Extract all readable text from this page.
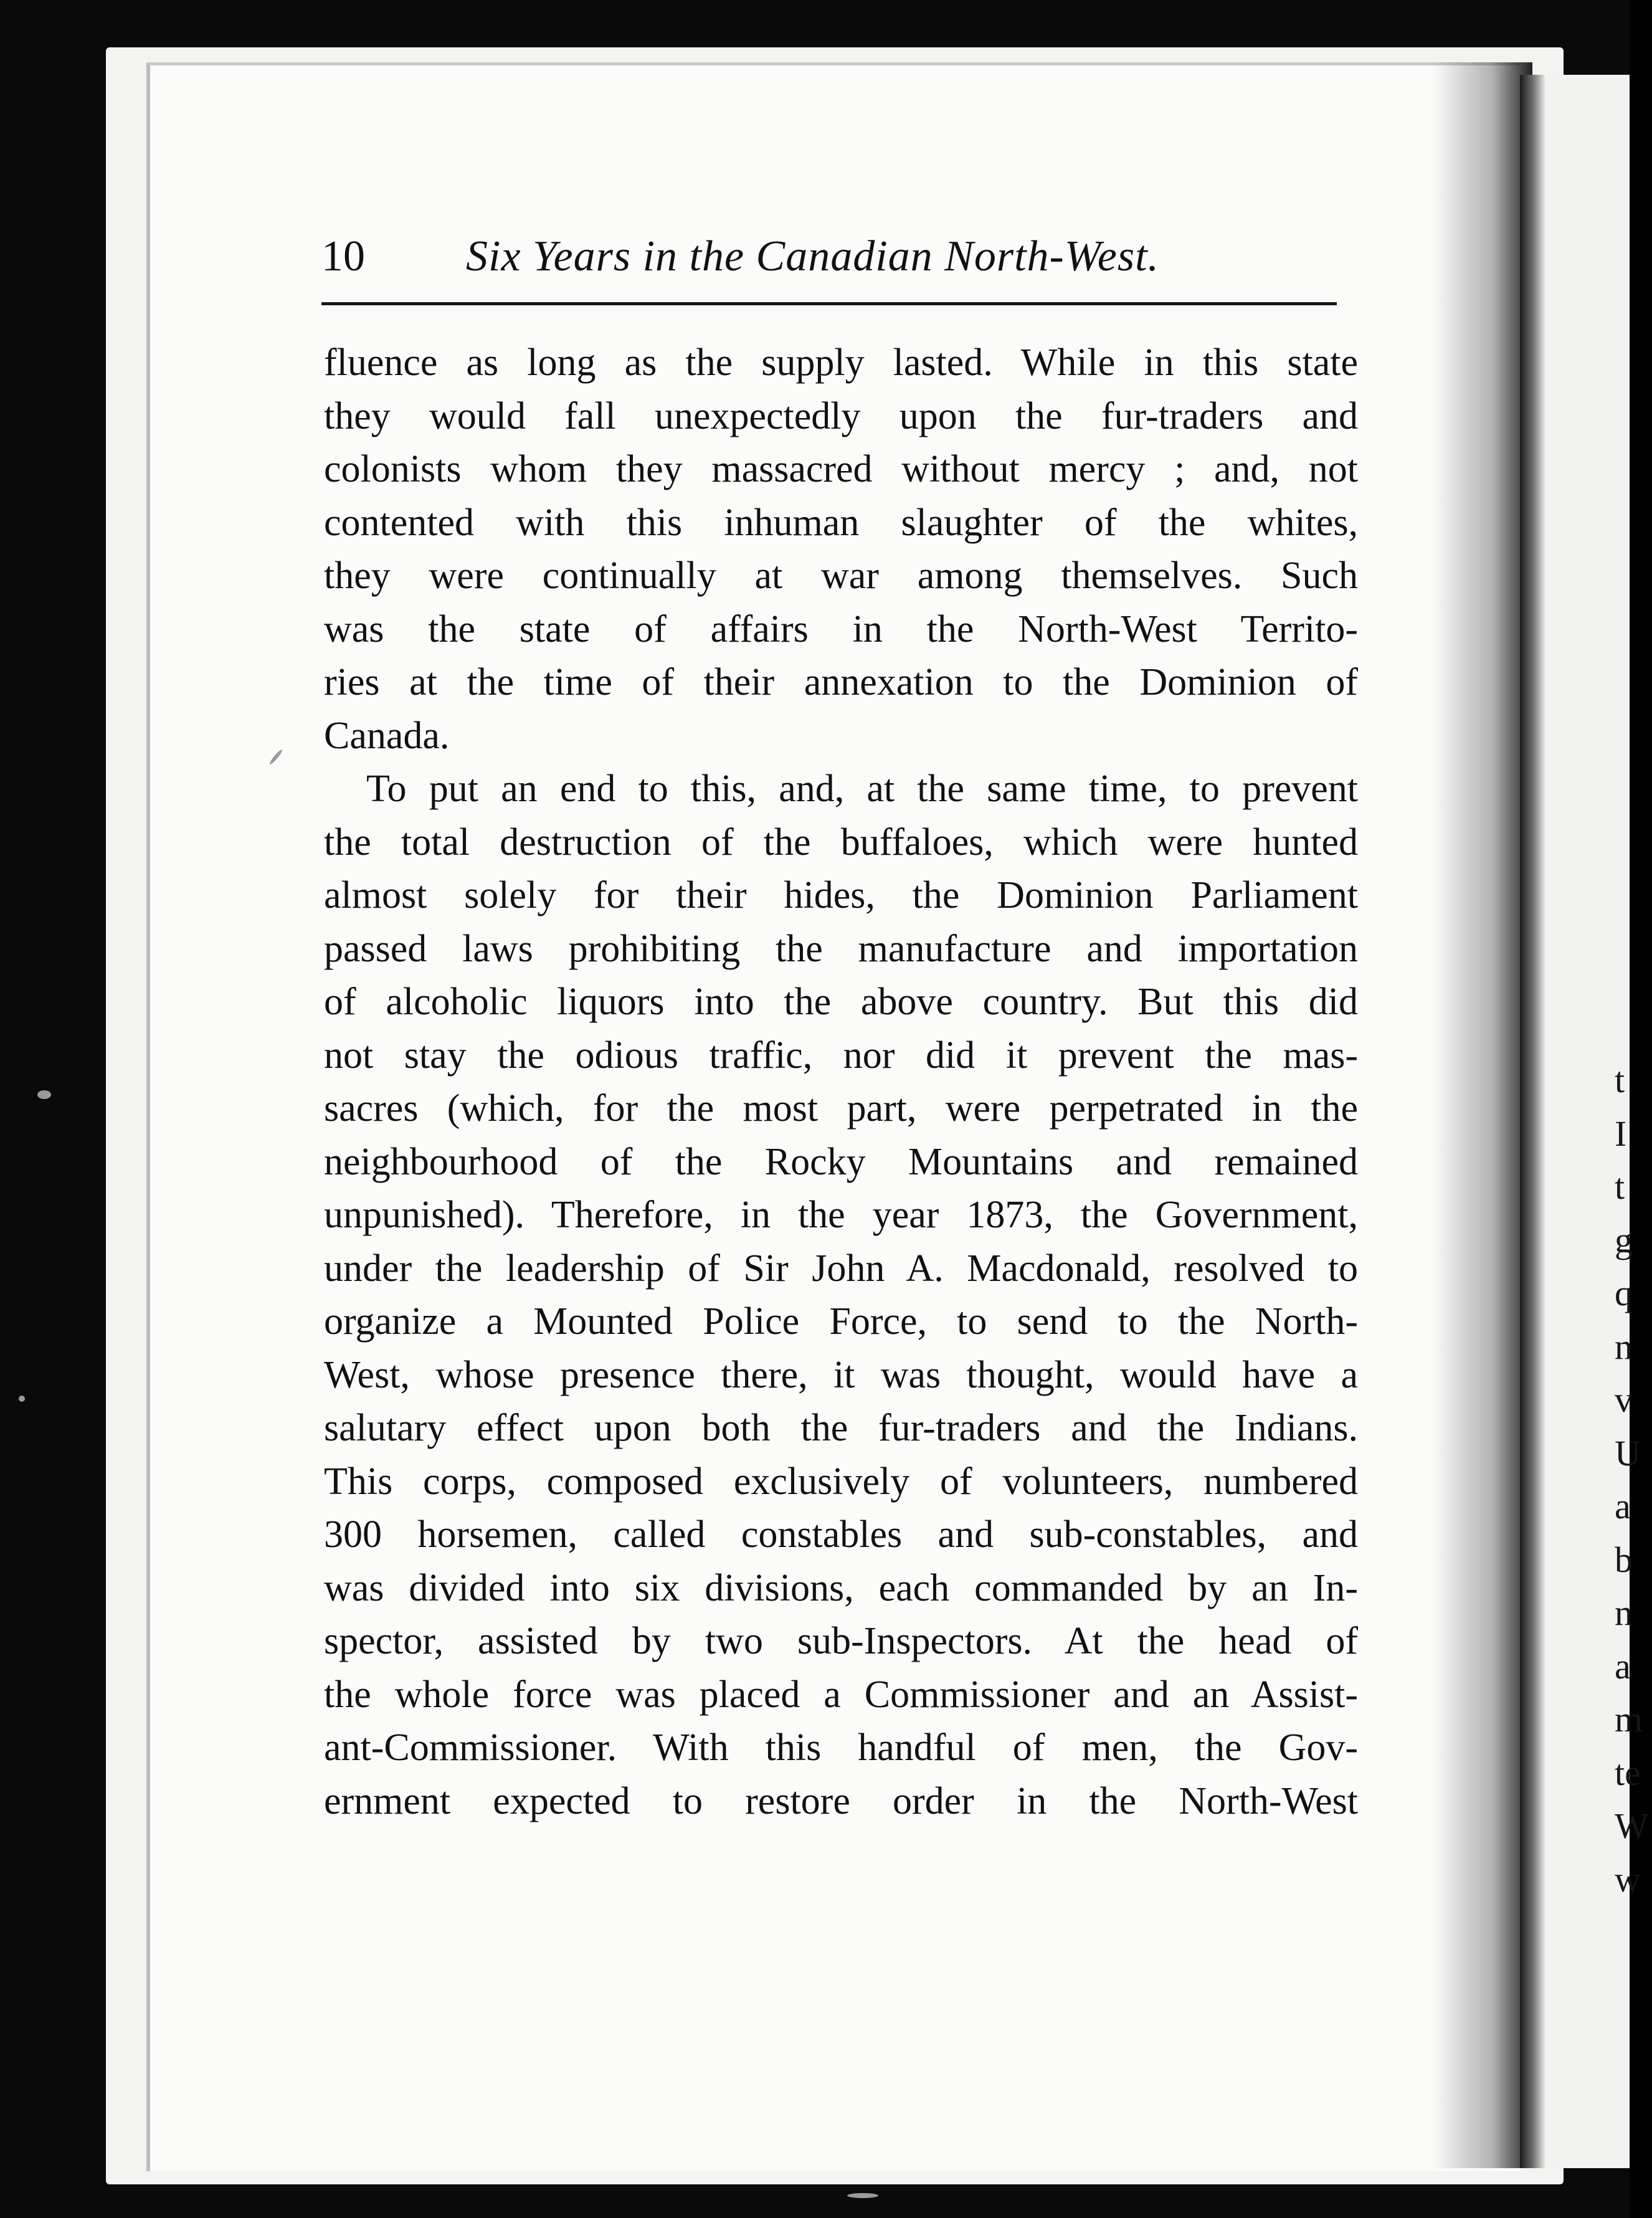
t
I
t
g
q
n
v
U
a
b
n
a
m
te
W
w
10 Six Years in the Canadian North-West.
fluence as long as the supply lasted. While in this state
they would fall unexpectedly upon the fur-traders and
colonists whom they massacred without mercy ; and, not
contented with this inhuman slaughter of the whites,
they were continually at war among themselves. Such
was the state of affairs in the North-West Territo-
ries at the time of their annexation to the Dominion of
Canada.
To put an end to this, and, at the same time, to prevent
the total destruction of the buffaloes, which were hunted
almost solely for their hides, the Dominion Parliament
passed laws prohibiting the manufacture and importation
of alcoholic liquors into the above country. But this did
not stay the odious traffic, nor did it prevent the mas-
sacres (which, for the most part, were perpetrated in the
neighbourhood of the Rocky Mountains and remained
unpunished). Therefore, in the year 1873, the Government,
under the leadership of Sir John A. Macdonald, resolved to
organize a Mounted Police Force, to send to the North-
West, whose presence there, it was thought, would have a
salutary effect upon both the fur-traders and the Indians.
This corps, composed exclusively of volunteers, numbered
300 horsemen, called constables and sub-constables, and
was divided into six divisions, each commanded by an In-
spector, assisted by two sub-Inspectors. At the head of
the whole force was placed a Commissioner and an Assist-
ant-Commissioner. With this handful of men, the Gov-
ernment expected to restore order in the North-West
